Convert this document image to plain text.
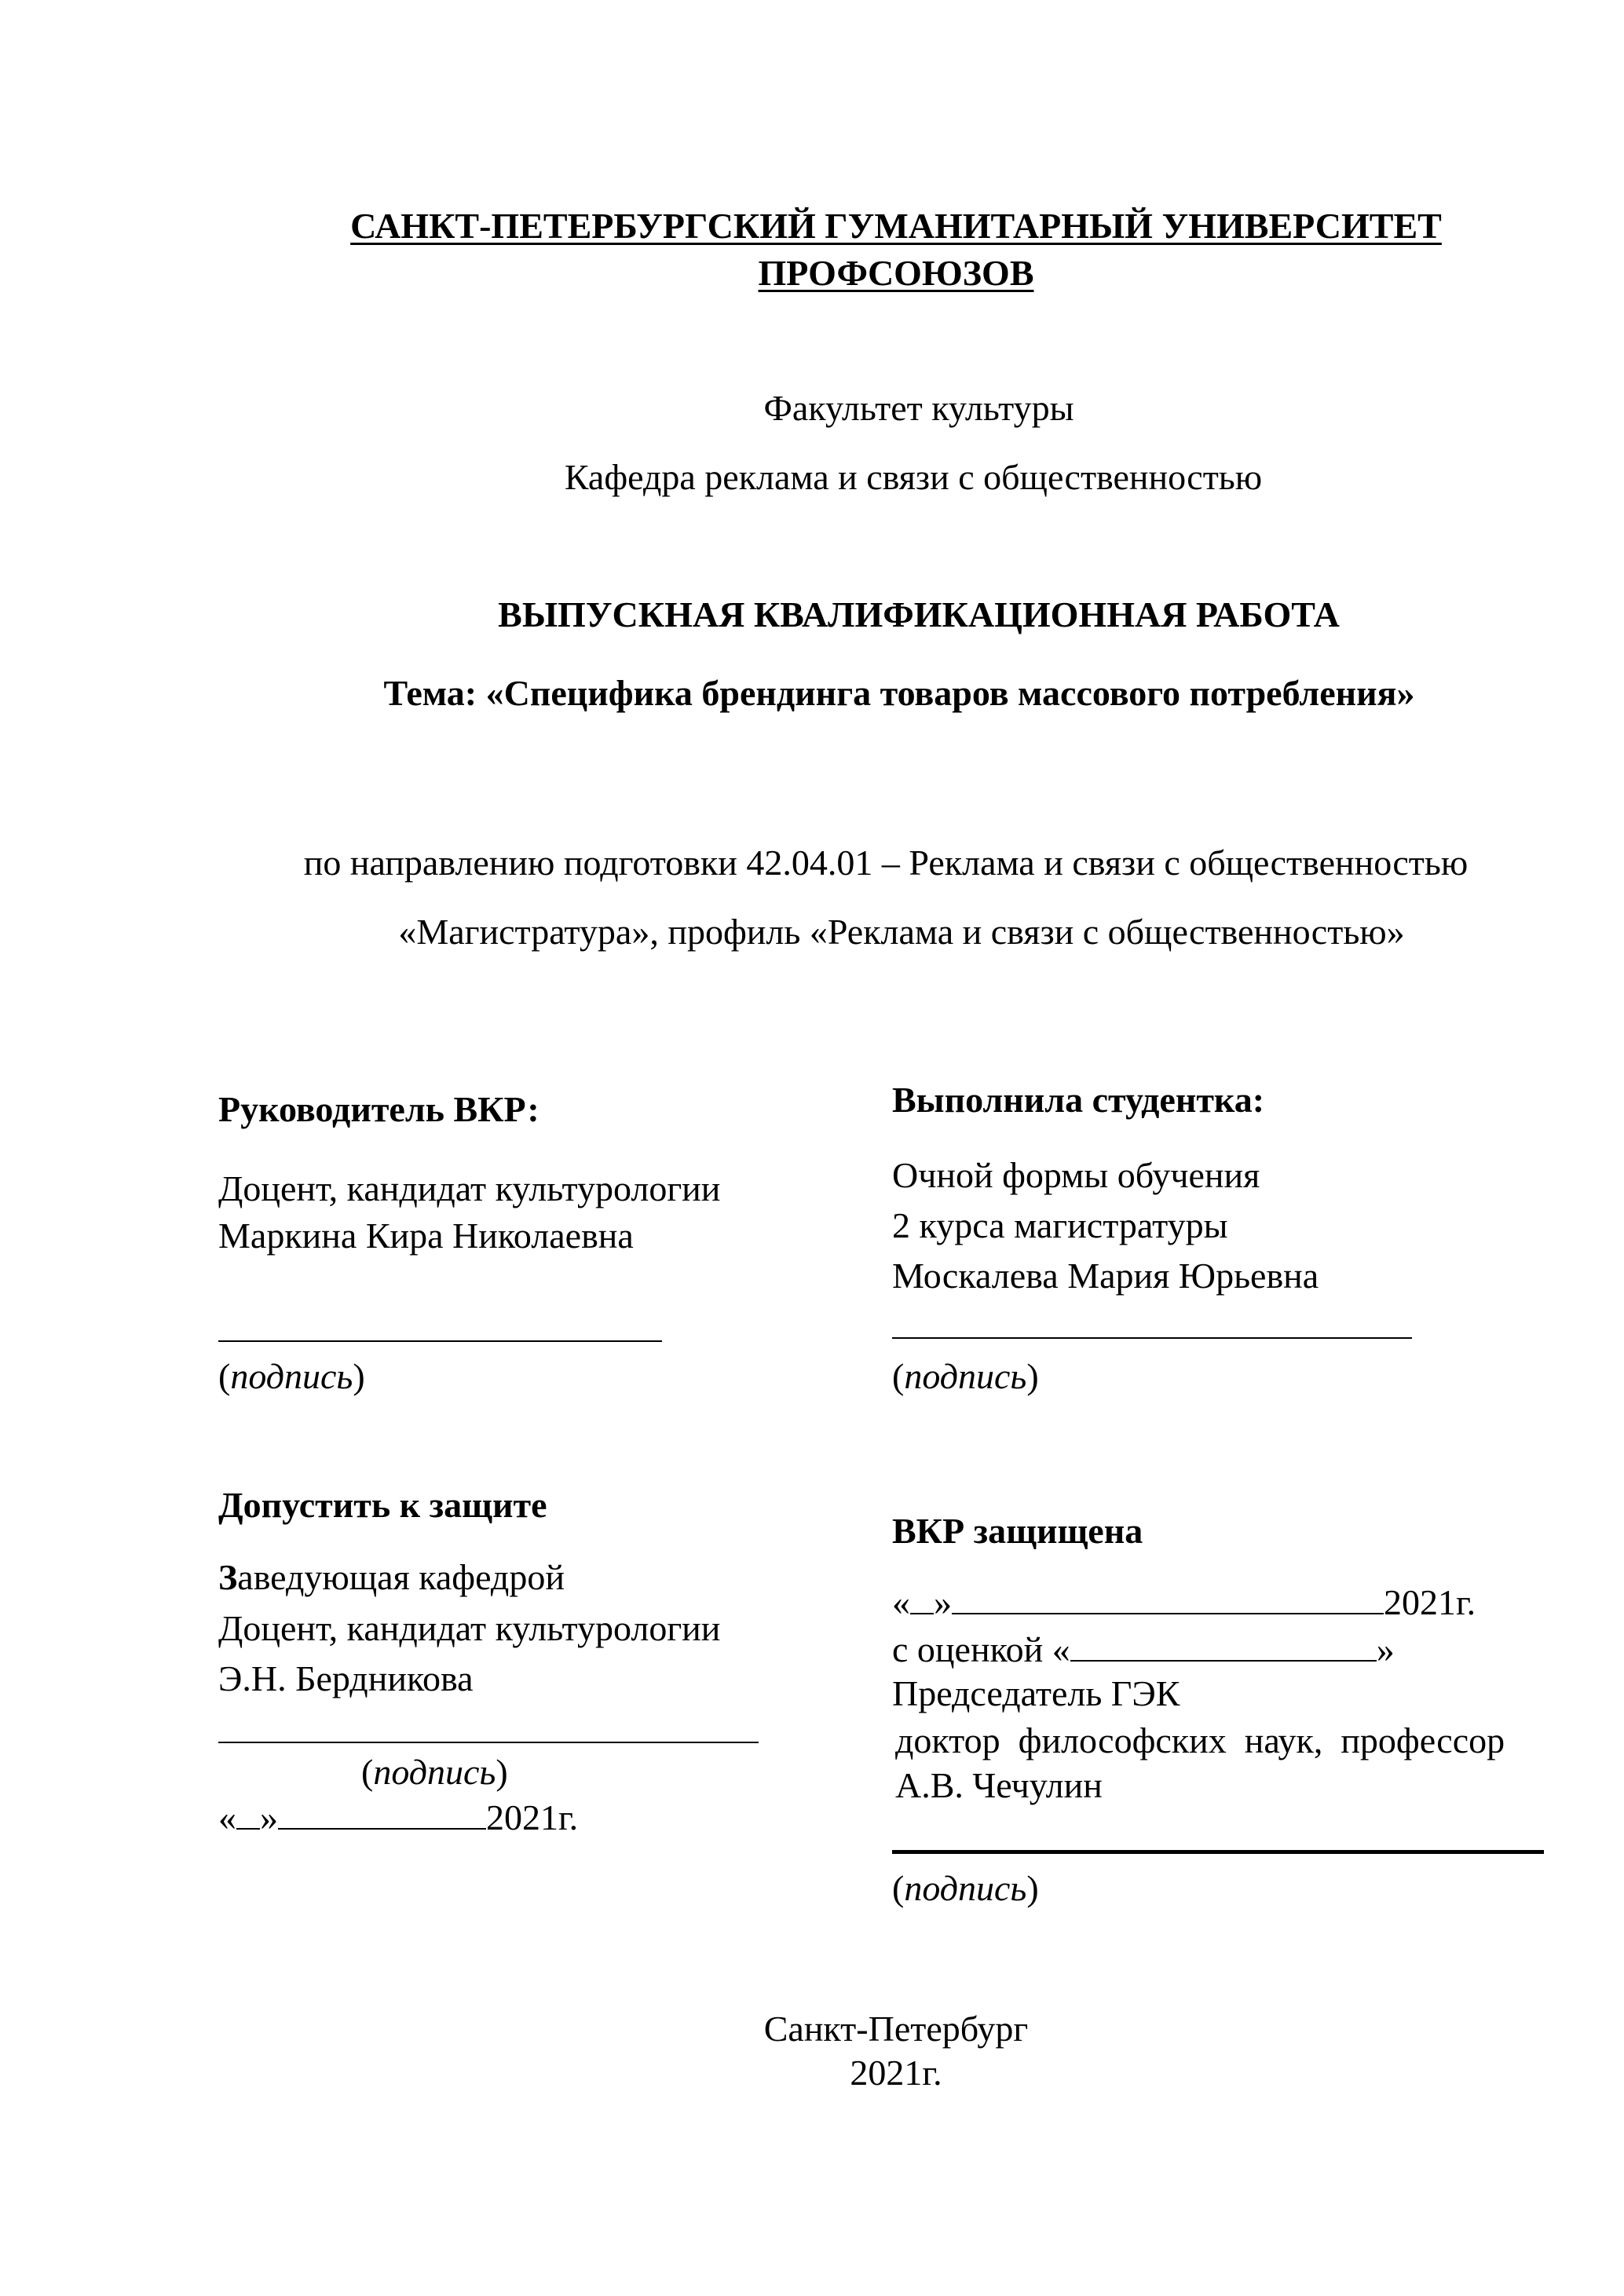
САНКТ-ПЕТЕРБУРГСКИЙ ГУМАНИТАРНЫЙ УНИВЕРСИТЕТ
ПРОФСОЮЗОВ
Факультет культуры
Кафедра реклама и связи с общественностью
ВЫПУСКНАЯ КВАЛИФИКАЦИОННАЯ РАБОТА
Тема: «Специфика брендинга товаров массового потребления»
по направлению подготовки 42.04.01 – Реклама и связи с общественностью
«Магистратура», профиль «Реклама и связи с общественностью»
Руководитель ВКР:
Доцент, кандидат культурологии
Маркина Кира Николаевна
(подпись)
Выполнила студентка:
Очной формы обучения
2 курса магистратуры
Москалева Мария Юрьевна
(подпись)
Допустить к защите
Заведующая кафедрой
Доцент, кандидат культурологии
Э.Н. Бердникова
(подпись)
« »	2021г.
ВКР защищена
« »	2021г.
с оценкой «	»
Председатель ГЭК
доктор  философских  наук,  профессор
А.В. Чечулин
(подпись)
Санкт-Петербург
2021г.
